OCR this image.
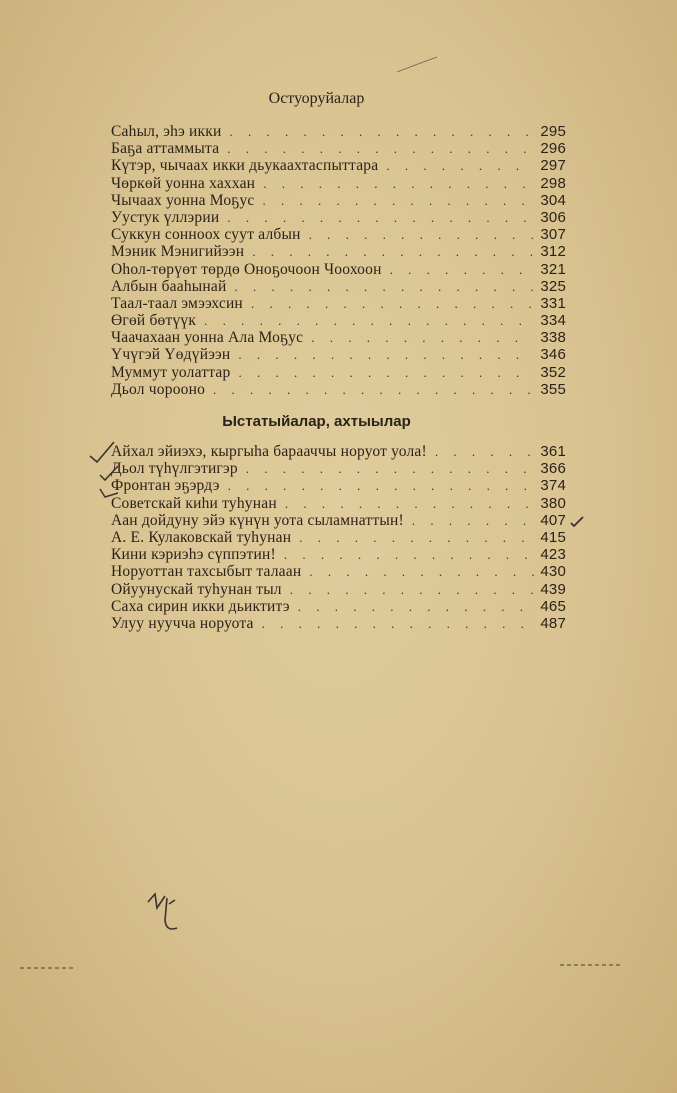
Остуоруйалар
Саһыл, эһэ икки . . .	295
Баҕа аттаммыта . . .	296
Күтэр, чычаах икки дьукаахтаспыттара . . .	297
Чөркөй уонна хаххан . . .	298
Чычаах уонна Моҕус . . .	304
Уустук үллэрии . . .	306
Суккун сонноох суут албын . . .	307
Мэник Мэнигийээн . . .	312
Оһол-төрүөт төрдө Оноҕочоон Чоохоон . . .	321
Албын бааһынай . . .	325
Таал-таал эмээхсин . . .	331
Өгөй бөтүүк . . .	334
Чаачахаан уонна Ала Моҕус . . .	338
Үчүгэй Үөдүйээн . . .	346
Муммут уолаттар . . .	352
Дьол чороонo . . .	355
Ыстатыйалар, ахтыылар
Айхал эйиэхэ, кыргыһа барааччы норуот уола! . . .	361
Дьол түһүлгэтигэр . . .	366
Фронтан эҕэрдэ . . .	374
Советскай киһи туһунан . . .	380
Аан дойдуну эйэ күнүн уота сыламнаттын! . . .	407
А. Е. Кулаковскай туһунан . . .	415
Кини кэриэһэ сүппэтин! . . .	423
Норуоттан тахсыбыт талаан . . .	430
Ойуунускай туһунан тыл . . .	439
Саха сирин икки дьиктитэ . . .	465
Улуу нуучча норуота . . .	487
